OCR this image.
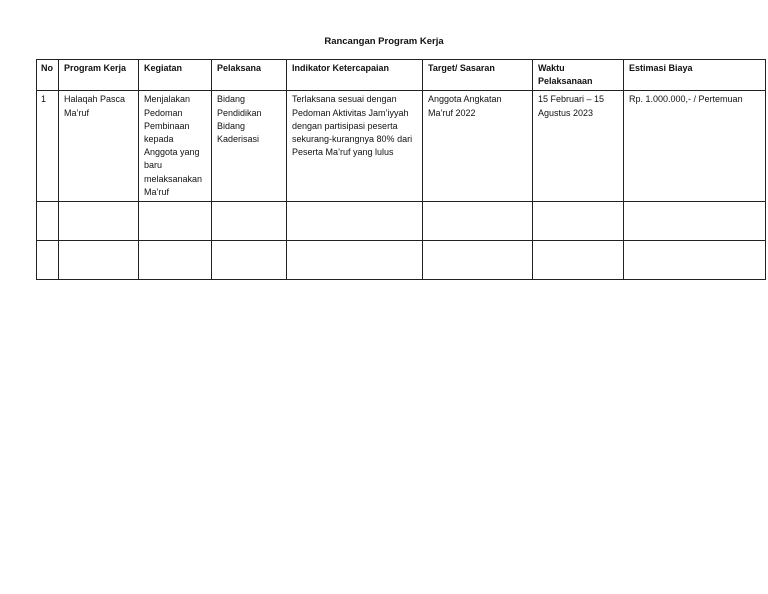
Rancangan Program Kerja
No	Program Kerja	Kegiatan	Pelaksana	Indikator Ketercapaian	Target/ Sasaran	Waktu Pelaksanaan	Estimasi Biaya
1	Halaqah Pasca Ma’ruf	Menjalakan Pedoman Pembinaan kepada Anggota yang baru melaksanakan Ma’ruf	Bidang Pendidikan Bidang Kaderisasi	Terlaksana sesuai dengan Pedoman Aktivitas Jam’iyyah dengan partisipasi peserta sekurang-kurangnya 80% dari Peserta Ma’ruf yang lulus	Anggota Angkatan Ma’ruf 2022	15 Februari – 15 Agustus 2023	Rp. 1.000.000,- / Pertemuan
